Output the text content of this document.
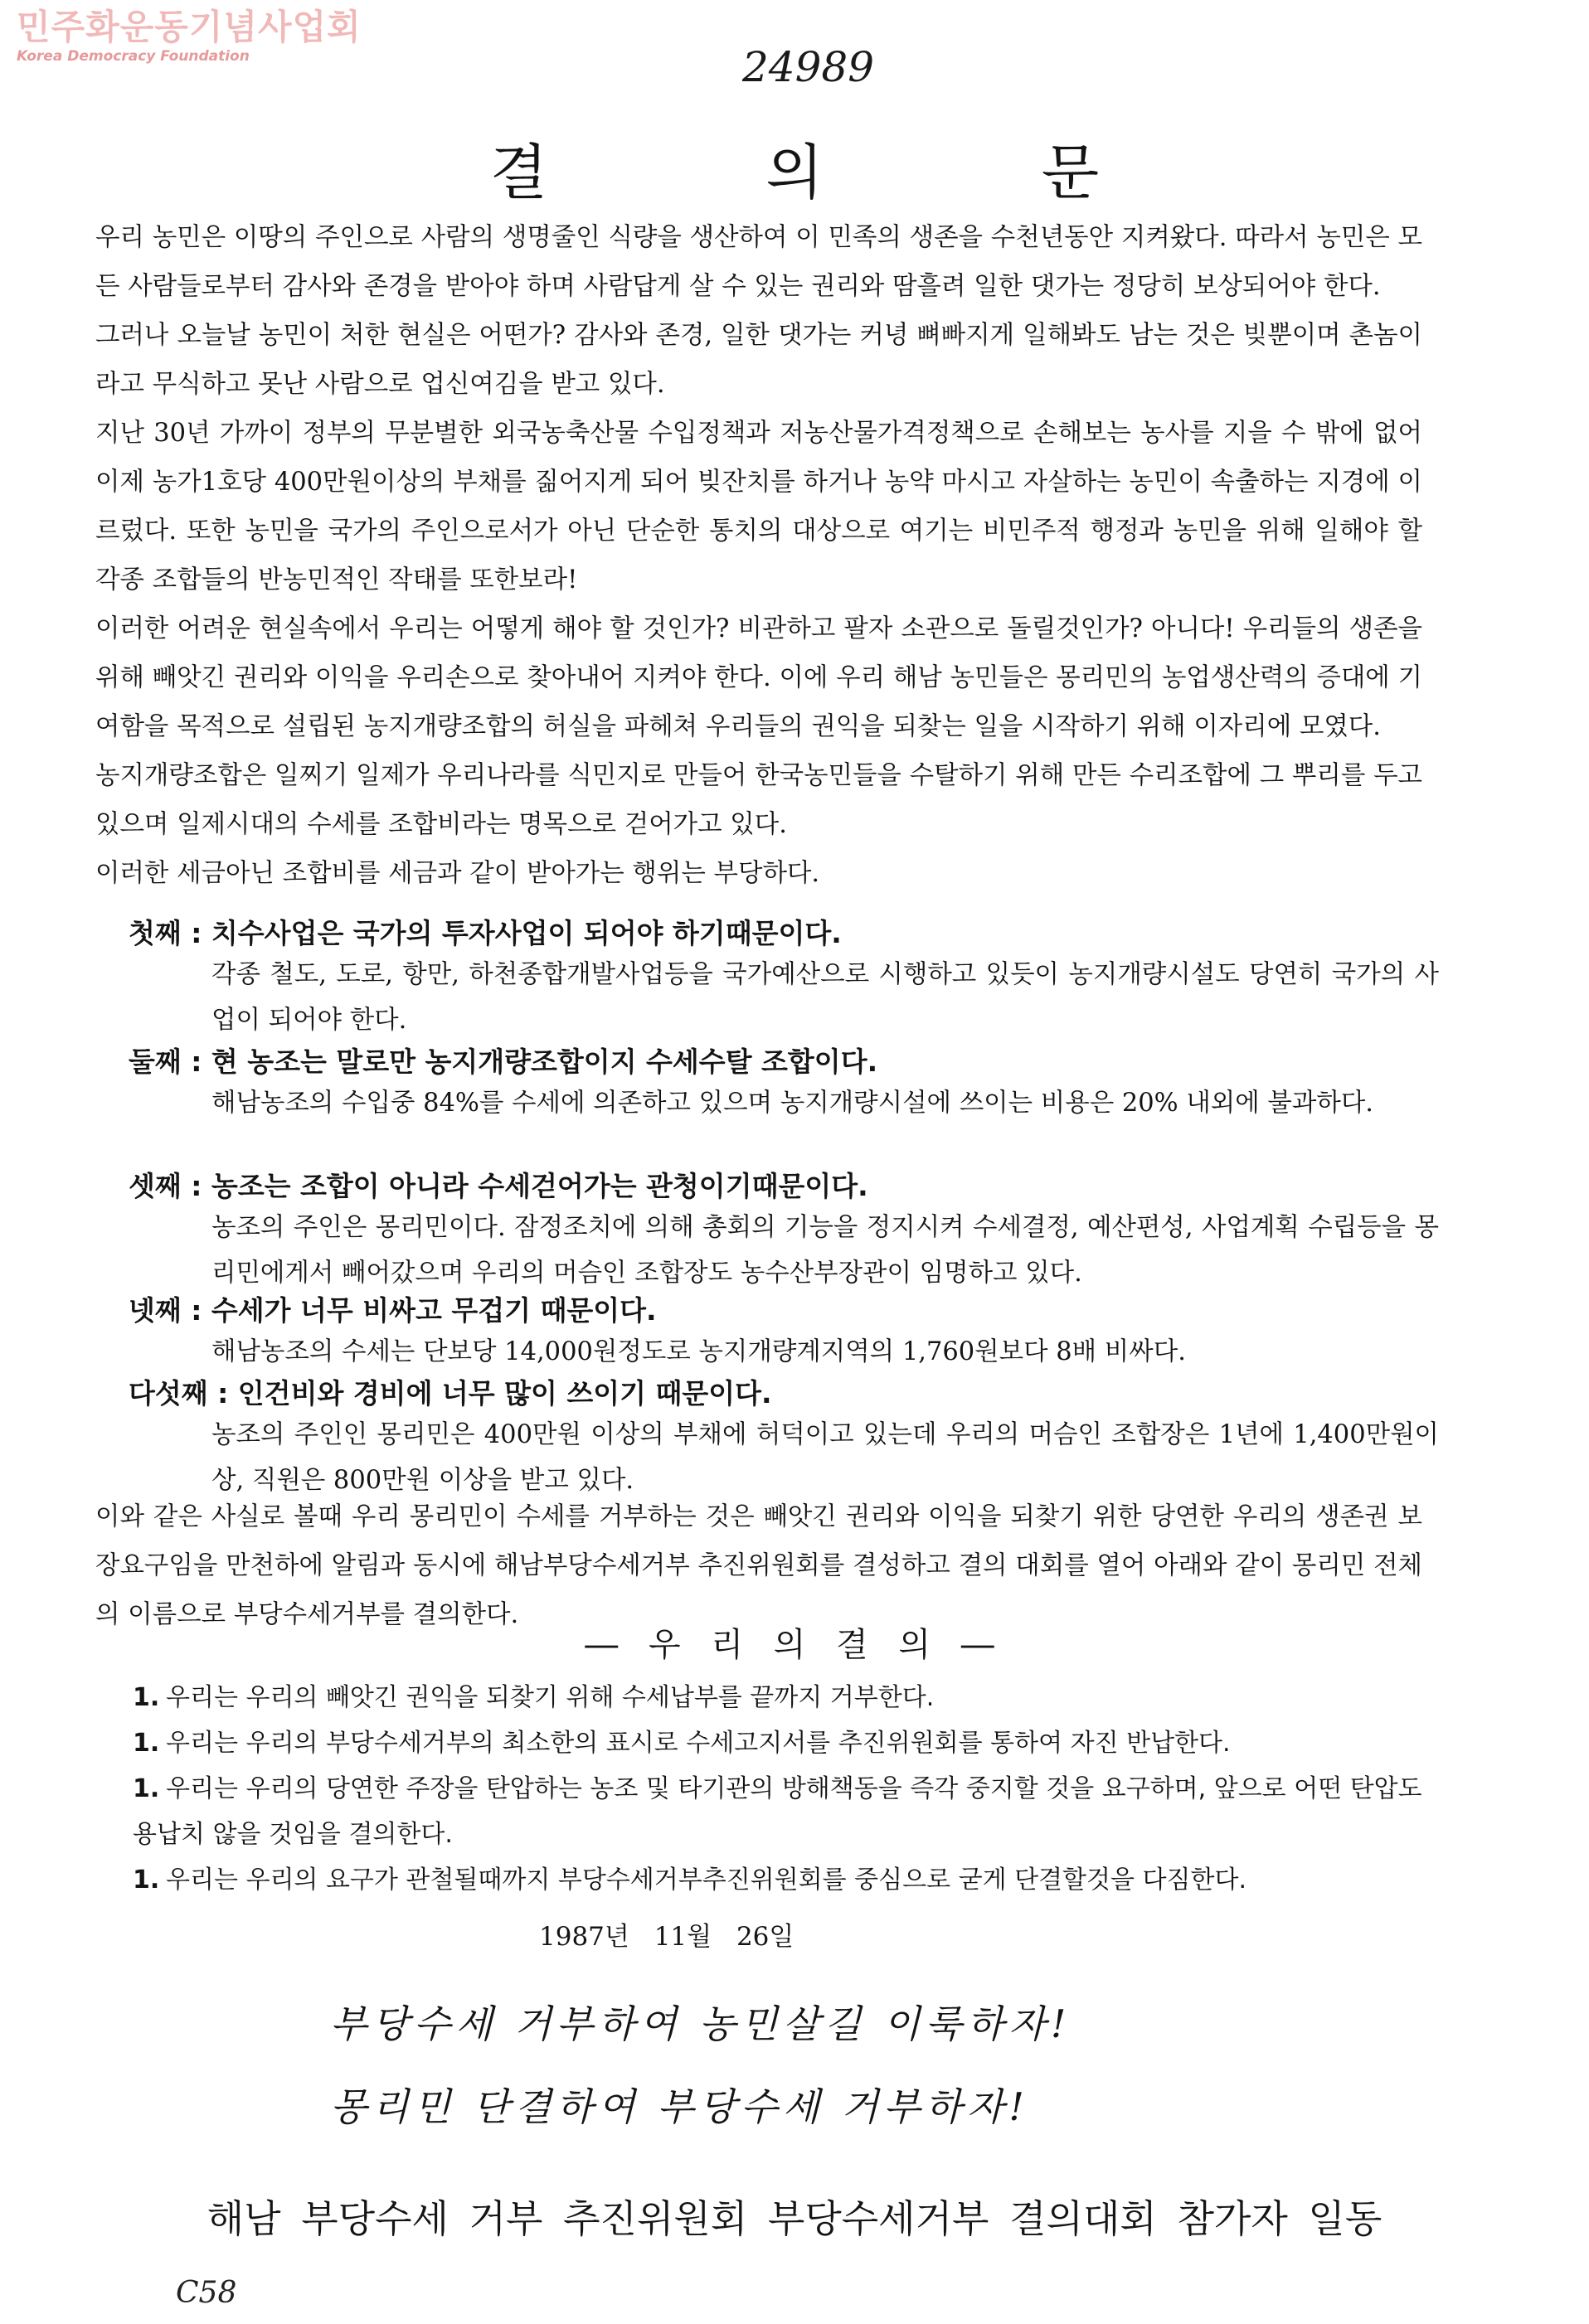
민주화운동기념사업회
Korea Democracy Foundation	24989
결 의 문
우리 농민은 이땅의 주인으로 사람의 생명줄인 식량을 생산하여 이 민족의 생존을 수천년동안 지켜왔다. 따라서 농민은 모든 사람들로부터 감사와 존경을 받아야 하며 사람답게 살 수 있는 권리와 땀흘려 일한 댓가는 정당히 보상되어야 한다.
그러나 오늘날 농민이 처한 현실은 어떤가? 감사와 존경, 일한 댓가는 커녕 뼈빠지게 일해봐도 남는 것은 빚뿐이며 촌놈이라고 무식하고 못난 사람으로 업신여김을 받고 있다.
지난 30년 가까이 정부의 무분별한 외국농축산물 수입정책과 저농산물가격정책으로 손해보는 농사를 지을 수 밖에 없어 이제 농가1호당 400만원이상의 부채를 짊어지게 되어 빚잔치를 하거나 농약 마시고 자살하는 농민이 속출하는 지경에 이르렀다. 또한 농민을 국가의 주인으로서가 아닌 단순한 통치의 대상으로 여기는 비민주적 행정과 농민을 위해 일해야 할 각종 조합들의 반농민적인 작태를 또한보라!
이러한 어려운 현실속에서 우리는 어떻게 해야 할 것인가? 비관하고 팔자 소관으로 돌릴것인가? 아니다! 우리들의 생존을 위해 빼앗긴 권리와 이익을 우리손으로 찾아내어 지켜야 한다. 이에 우리 해남 농민들은 몽리민의 농업생산력의 증대에 기여함을 목적으로 설립된 농지개량조합의 허실을 파헤쳐 우리들의 권익을 되찾는 일을 시작하기 위해 이자리에 모였다.
농지개량조합은 일찌기 일제가 우리나라를 식민지로 만들어 한국농민들을 수탈하기 위해 만든 수리조합에 그 뿌리를 두고 있으며 일제시대의 수세를 조합비라는 명목으로 걷어가고 있다.
이러한 세금아닌 조합비를 세금과 같이 받아가는 행위는 부당하다.
첫째 : 치수사업은 국가의 투자사업이 되어야 하기때문이다.
각종 철도, 도로, 항만, 하천종합개발사업등을 국가예산으로 시행하고 있듯이 농지개량시설도 당연히 국가의 사업이 되어야 한다.
둘째 : 현 농조는 말로만 농지개량조합이지 수세수탈 조합이다.
해남농조의 수입중 84%를 수세에 의존하고 있으며 농지개량시설에 쓰이는 비용은 20% 내외에 불과하다.
셋째 : 농조는 조합이 아니라 수세걷어가는 관청이기때문이다.
농조의 주인은 몽리민이다. 잠정조치에 의해 총회의 기능을 정지시켜 수세결정, 예산편성, 사업계획 수립등을 몽리민에게서 빼어갔으며 우리의 머슴인 조합장도 농수산부장관이 임명하고 있다.
넷째 : 수세가 너무 비싸고 무겁기 때문이다.
해남농조의 수세는 단보당 14,000원정도로 농지개량계지역의 1,760원보다 8배 비싸다.
다섯째 : 인건비와 경비에 너무 많이 쓰이기 때문이다.
농조의 주인인 몽리민은 400만원 이상의 부채에 허덕이고 있는데 우리의 머슴인 조합장은 1년에 1,400만원이상, 직원은 800만원 이상을 받고 있다.
이와 같은 사실로 볼때 우리 몽리민이 수세를 거부하는 것은 빼앗긴 권리와 이익을 되찾기 위한 당연한 우리의 생존권 보장요구임을 만천하에 알림과 동시에 해남부당수세거부 추진위원회를 결성하고 결의 대회를 열어 아래와 같이 몽리민 전체의 이름으로 부당수세거부를 결의한다.
― 우 리 의 결 의 ―
1. 우리는 우리의 빼앗긴 권익을 되찾기 위해 수세납부를 끝까지 거부한다.
1. 우리는 우리의 부당수세거부의 최소한의 표시로 수세고지서를 추진위원회를 통하여 자진 반납한다.
1. 우리는 우리의 당연한 주장을 탄압하는 농조 및 타기관의 방해책동을 즉각 중지할 것을 요구하며, 앞으로 어떤 탄압도 용납치 않을 것임을 결의한다.
1. 우리는 우리의 요구가 관철될때까지 부당수세거부추진위원회를 중심으로 굳게 단결할것을 다짐한다.
1987년 11월 26일
부당수세 거부하여 농민살길 이룩하자!
몽리민 단결하여 부당수세 거부하자!
해남 부당수세 거부 추진위원회 부당수세거부 결의대회 참가자 일동
C58
